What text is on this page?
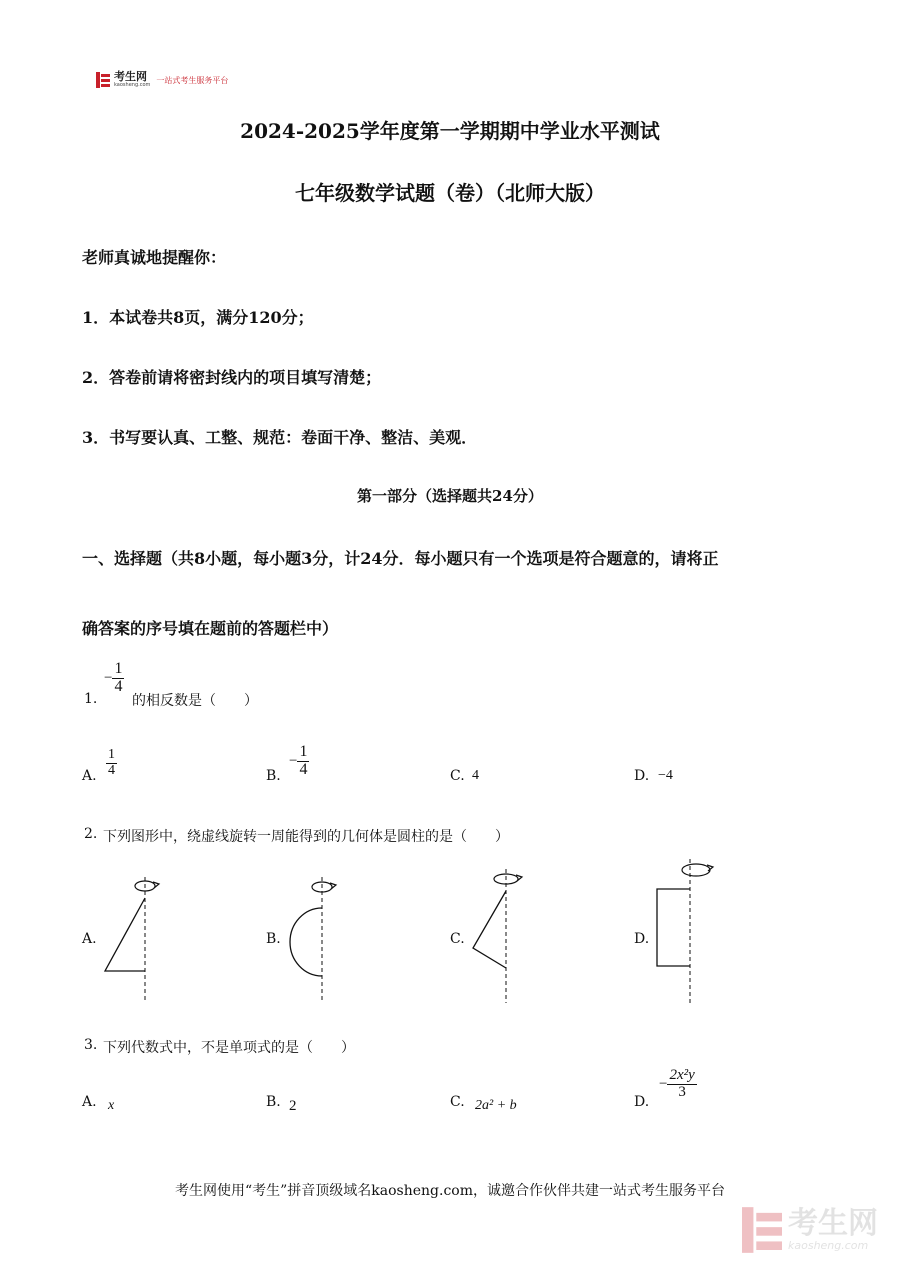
考生网
kaosheng.com
一站式考生服务平台
2024-2025学年度第一学期期中学业水平测试
七年级数学试题（卷）（北师大版）
老师真诚地提醒你：
1．本试卷共8页，满分120分；
2．答卷前请将密封线内的项目填写清楚；
3．书写要认真、工整、规范：卷面干净、整洁、美观．
第一部分（选择题共24分）
一、选择题（共8小题，每小题3分，计24分．每小题只有一个选项是符合题意的，请将正
确答案的序号填在题前的答题栏中）
1.
− $\frac{1}{4}$
的相反数是（　　）
A. $\frac{1}{4}$	B.
− $\frac{1}{4}$	C. 4	D. −4
2. 下列图形中，绕虚线旋转一周能得到的几何体是圆柱的是（　　）
A.	B.	C.	D.
3. 下列代数式中，不是单项式的是（　　）
A. x	B. 2	C. 2a² + b	D.
− $\frac{\text{2x²y}}{3}$
考生网使用“考生”拼音顶级域名kaosheng.com，诚邀合作伙伴共建一站式考生服务平台
考生网
kaosheng.com
